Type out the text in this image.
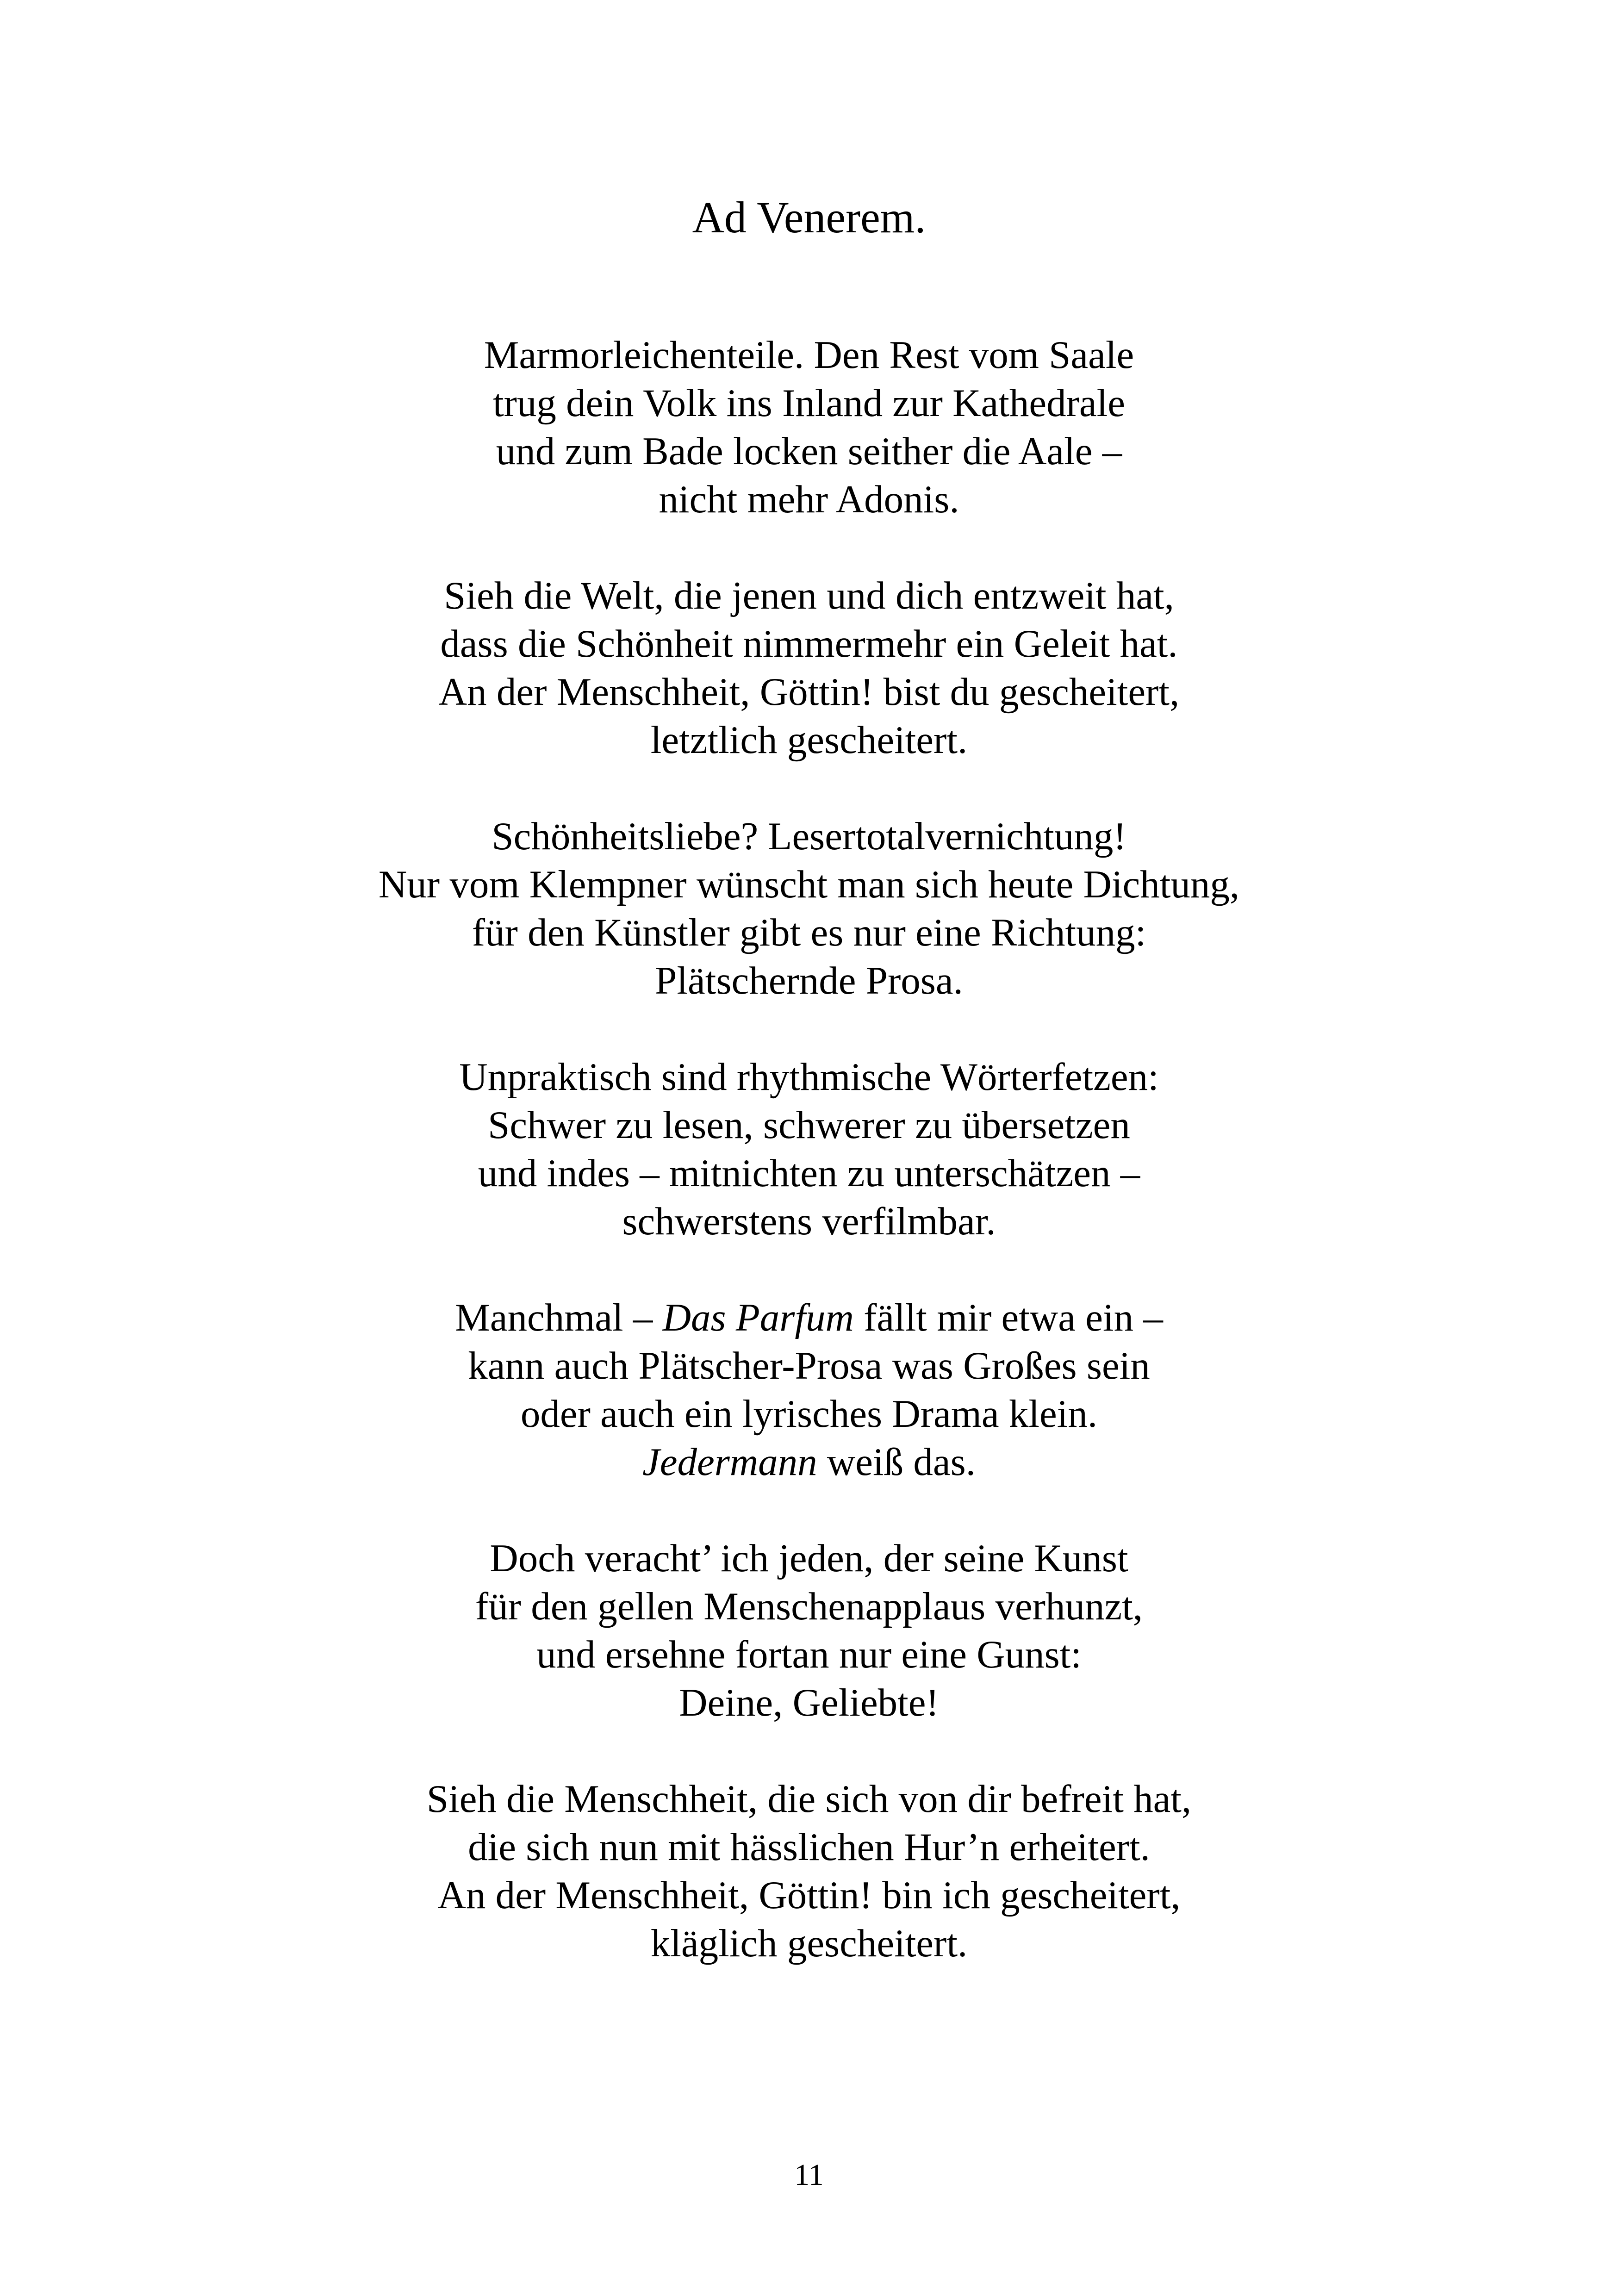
Ad Venerem.
Marmorleichenteile. Den Rest vom Saale
trug dein Volk ins Inland zur Kathedrale
und zum Bade locken seither die Aale –
nicht mehr Adonis.
Sieh die Welt, die jenen und dich entzweit hat,
dass die Schönheit nimmermehr ein Geleit hat.
An der Menschheit, Göttin! bist du gescheitert,
letztlich gescheitert.
Schönheitsliebe? Lesertotalvernichtung!
Nur vom Klempner wünscht man sich heute Dichtung,
für den Künstler gibt es nur eine Richtung:
Plätschernde Prosa.
Unpraktisch sind rhythmische Wörterfetzen:
Schwer zu lesen, schwerer zu übersetzen
und indes – mitnichten zu unterschätzen –
schwerstens verfilmbar.
Manchmal – Das Parfum fällt mir etwa ein –
kann auch Plätscher-Prosa was Großes sein
oder auch ein lyrisches Drama klein.
Jedermann weiß das.
Doch veracht’ ich jeden, der seine Kunst
für den gellen Menschenapplaus verhunzt,
und ersehne fortan nur eine Gunst:
Deine, Geliebte!
Sieh die Menschheit, die sich von dir befreit hat,
die sich nun mit hässlichen Hur’n erheitert.
An der Menschheit, Göttin! bin ich gescheitert,
kläglich gescheitert.
11
